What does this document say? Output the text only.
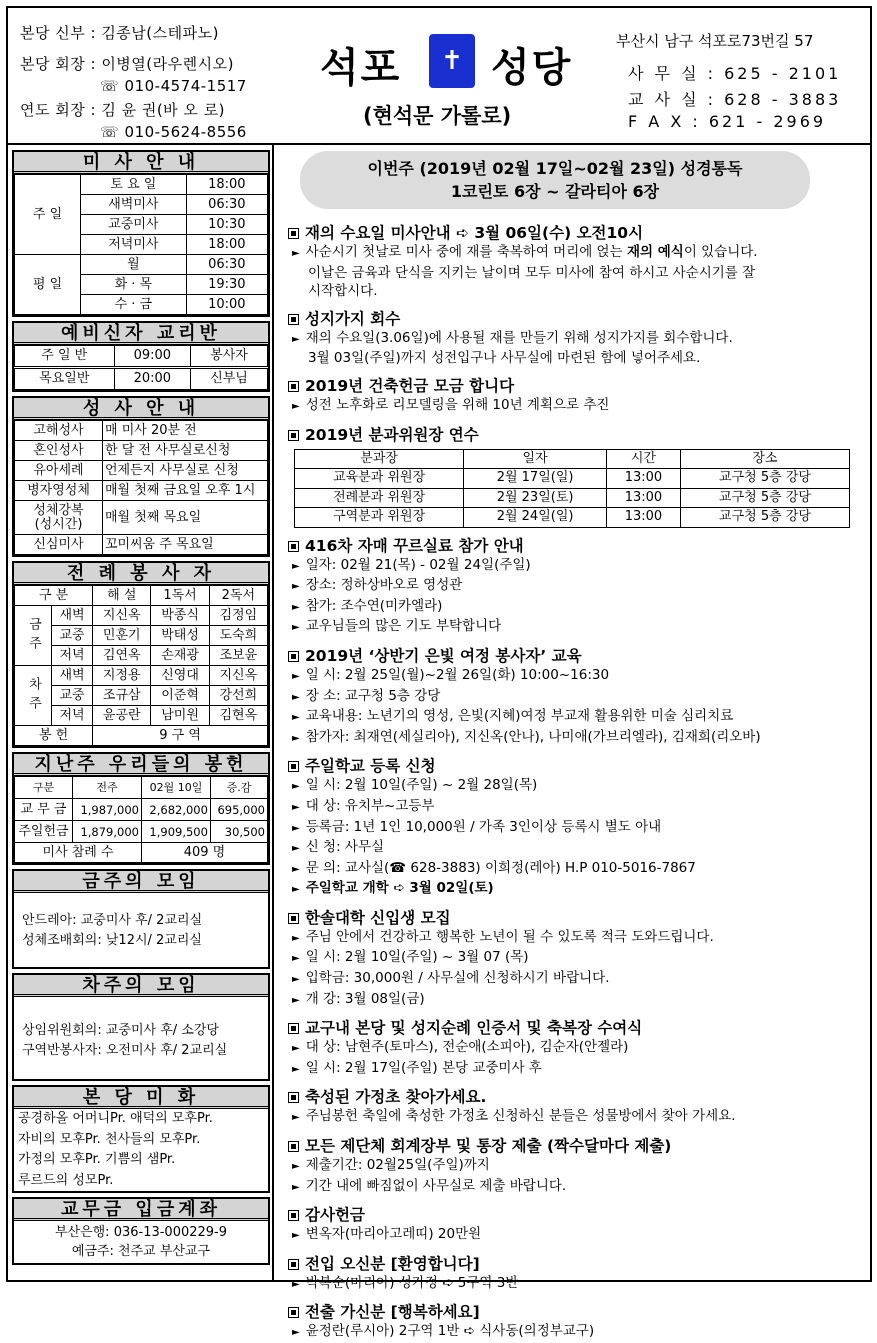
본당 신부 : 김종남(스테파노)
본당 회장 : 이병열(라우렌시오)
☏ 010-4574-1517
연도 회장 : 김 윤 권(바 오 로)
☏ 010-5624-8556
석포	✝ 성당
(현석문 가롤로)
부산시 남구 석포로73번길 57
사 무 실 : 625 - 2101
교 사 실 : 628 - 3883
F A X : 621 - 2969
미 사 안 내
주 일	토 요 일	18:00
	새벽미사	06:30
	교중미사	10:30
	저녁미사	18:00
평 일	월	06:30
	화 · 목	19:30
	수 · 금	10:00
예비신자 교리반
주 일 반	09:00	봉사자
목요일반	20:00	신부님
성 사 안 내
고해성사	매 미사 20분 전
혼인성사	한 달 전 사무실로신청
유아세례	언제든지 사무실로 신청
병자영성체	매월 첫째 금요일 오후 1시
성체강복
(성시간)	매월 첫째 목요일
신심미사	꼬미씨움 주 목요일
전 례 봉 사 자
구 분		해 설	1독서	2독서
금주	새벽	지신옥	박종식	김정임
	교중	민훈기	박태성	도숙희
	저녁	김연옥	손재광	조보윤
차주	새벽	지정용	신영대	지신옥
	교중	조규삼	이준혁	강선희
	저녁	윤공란	남미원	김현옥
봉 헌		9 구 역		
지난주 우리들의 봉헌
구분	전주	02월 10일	증.감
교 무 금	1,987,000	2,682,000	695,000
주일헌금	1,879,000	1,909,500	30,500
미사 참례 수		409 명	
금주의 모임
안드레아: 교중미사 후/ 2교리실
성체조배회의: 낮12시/ 2교리실
차주의 모임
상임위원회의: 교중미사 후/ 소강당
구역반봉사자: 오전미사 후/ 2교리실
본 당 미 화
공경하올 어머니Pr. 애덕의 모후Pr.
자비의 모후Pr. 천사들의 모후Pr.
가정의 모후Pr. 기쁨의 샘Pr.
루르드의 성모Pr.
교무금 입금계좌
부산은행: 036-13-000229-9
예금주: 천주교 부산교구
이번주 (2019년 02월 17일~02월 23일) 성경통독
1코린토 6장 ~ 갈라티아 6장
재의 수요일 미사안내 ➪ 3월 06일(수) 오전10시
► 사순시기 첫날로 미사 중에 재를 축복하여 머리에 얹는 재의 예식이 있습니다.
이날은 금육과 단식을 지키는 날이며 모두 미사에 참여 하시고 사순시기를 잘
시작합시다.
성지가지 회수
► 재의 수요일(3.06일)에 사용될 재를 만들기 위해 성지가지를 회수합니다.
3월 03일(주일)까지 성전입구나 사무실에 마련된 함에 넣어주세요.
2019년 건축헌금 모금 합니다
► 성전 노후화로 리모델링을 위해 10년 계획으로 추진
2019년 분과위원장 연수
분과장	일자	시간	장소
교육분과 위원장	2월 17일(일)	13:00	교구청 5층 강당
전례분과 위원장	2월 23일(토)	13:00	교구청 5층 강당
구역분과 위원장	2월 24일(일)	13:00	교구청 5층 강당
416차 자매 꾸르실료 참가 안내
► 일자: 02월 21(목) - 02월 24일(주일)
► 장소: 정하상바오로 영성관
► 참가: 조수연(미카엘라)
► 교우님들의 많은 기도 부탁합니다
2019년 ‘상반기 은빛 여정 봉사자’ 교육
► 일 시: 2월 25일(월)~2월 26일(화) 10:00~16:30
► 장 소: 교구청 5층 강당
► 교육내용: 노년기의 영성, 은빛(지혜)여정 부교재 활용위한 미술 심리치료
► 참가자: 최재연(세실리아), 지신옥(안나), 나미애(가브리엘라), 김재희(리오바)
주일학교 등록 신청
► 일 시: 2월 10일(주일) ~ 2월 28일(목)
► 대 상: 유치부~고등부
► 등록금: 1년 1인 10,000원 / 가족 3인이상 등록시 별도 아내
► 신 청: 사무실
► 문 의: 교사실(☎ 628-3883) 이희정(레아) H.P 010-5016-7867
► 주일학교 개학 ➪ 3월 02일(토)
한솔대학 신입생 모집
► 주님 안에서 건강하고 행복한 노년이 될 수 있도록 적극 도와드립니다.
► 일 시: 2월 10일(주일) ~ 3월 07 (목)
► 입학금: 30,000원 / 사무실에 신청하시기 바랍니다.
► 개 강: 3월 08일(금)
교구내 본당 및 성지순례 인증서 및 축복장 수여식
► 대 상: 남현주(토마스), 전순애(소피아), 김순자(안젤라)
► 일 시: 2월 17일(주일) 본당 교중미사 후
축성된 가정초 찾아가세요.
► 주님봉헌 축일에 축성한 가정초 신청하신 분들은 성물방에서 찾아 가세요.
모든 제단체 회계장부 및 통장 제출 (짝수달마다 제출)
► 제출기간: 02월25일(주일)까지
► 기간 내에 빠짐없이 사무실로 제출 바랍니다.
감사헌금
► 변옥자(마리아고레띠) 20만원
전입 오신분 [환영합니다]
► 박복순(마리아) 성가정 ➪ 5구역 3반
전출 가신분 [행복하세요]
► 윤정란(루시아) 2구역 1반 ➪ 식사동(의정부교구)
